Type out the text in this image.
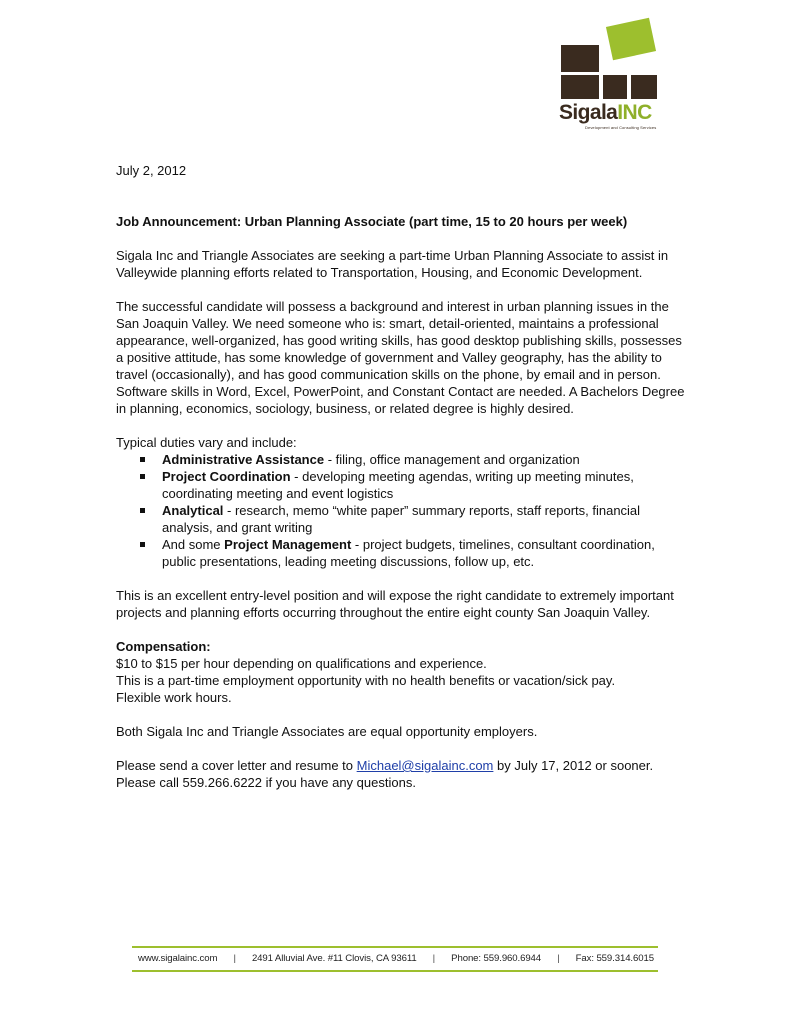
SigalaINC
Development and Consulting Services

July 2, 2012

Job Announcement: Urban Planning Associate (part time, 15 to 20 hours per week)

Sigala Inc and Triangle Associates are seeking a part-time Urban Planning Associate to assist in Valleywide planning efforts related to Transportation, Housing, and Economic Development.

The successful candidate will possess a background and interest in urban planning issues in the San Joaquin Valley. We need someone who is: smart, detail-oriented, maintains a professional appearance, well-organized, has good writing skills, has good desktop publishing skills, possesses a positive attitude, has some knowledge of government and Valley geography, has the ability to travel (occasionally), and has good communication skills on the phone, by email and in person. Software skills in Word, Excel, PowerPoint, and Constant Contact are needed. A Bachelors Degree in planning, economics, sociology, business, or related degree is highly desired.

Typical duties vary and include:

Administrative Assistance - filing, office management and organization
Project Coordination - developing meeting agendas, writing up meeting minutes, coordinating meeting and event logistics
Analytical - research, memo “white paper” summary reports, staff reports, financial analysis, and grant writing
And some Project Management - project budgets, timelines, consultant coordination, public presentations, leading meeting discussions, follow up, etc.

This is an excellent entry-level position and will expose the right candidate to extremely important projects and planning efforts occurring throughout the entire eight county San Joaquin Valley.

Compensation:
$10 to $15 per hour depending on qualifications and experience.
This is a part-time employment opportunity with no health benefits or vacation/sick pay.
Flexible work hours.

Both Sigala Inc and Triangle Associates are equal opportunity employers.

Please send a cover letter and resume to Michael@sigalainc.com by July 17, 2012 or sooner. Please call 559.266.6222 if you have any questions.

www.sigalainc.com | 2491 Alluvial Ave. #11 Clovis, CA 93611 | Phone: 559.960.6944 | Fax: 559.314.6015
